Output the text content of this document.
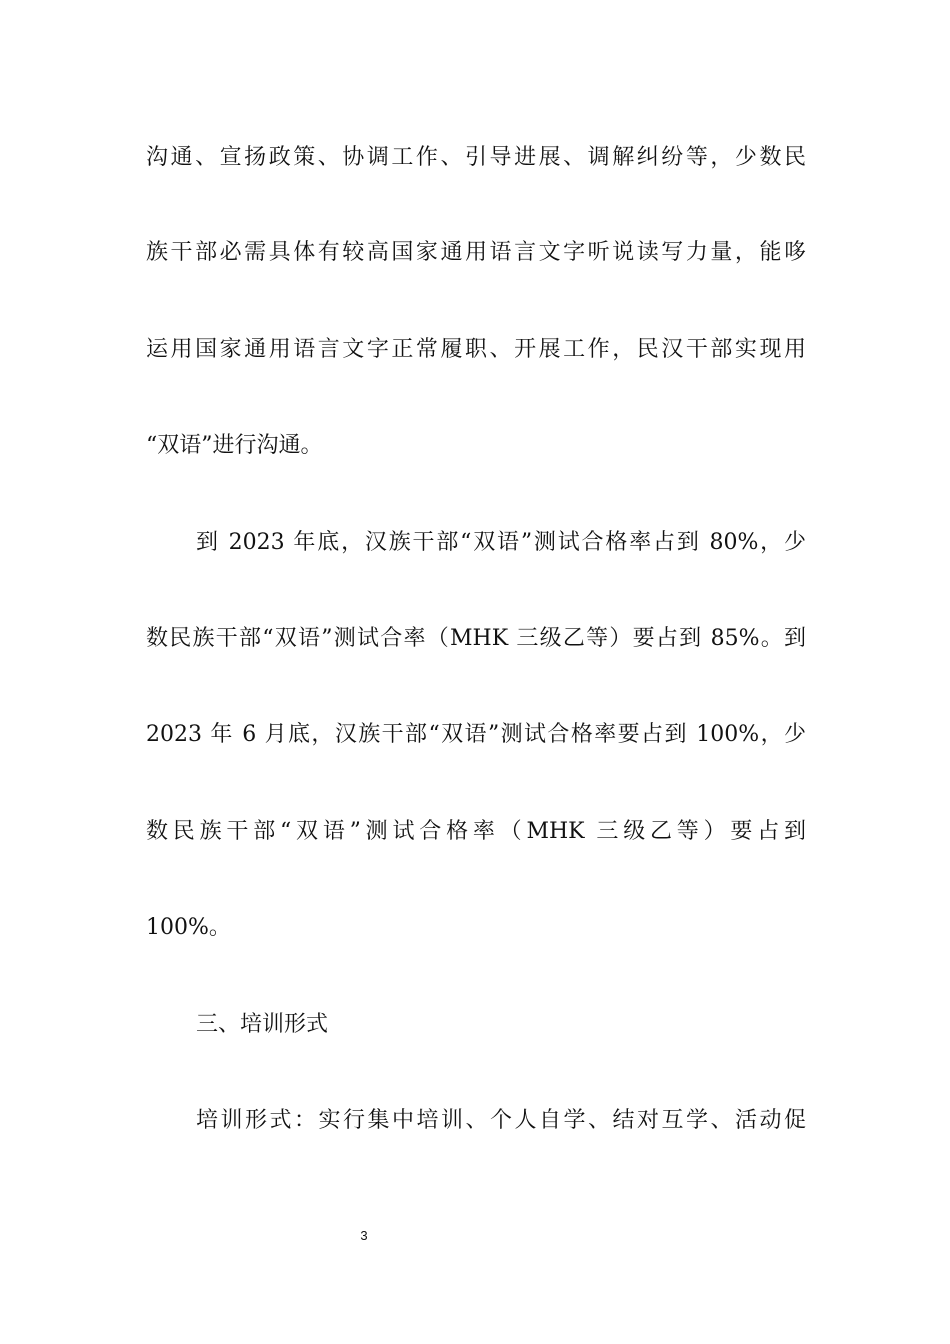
沟通、宣扬政策、协调工作、引导进展、调解纠纷等，少数民
族干部必需具体有较高国家通用语言文字听说读写力量，能哆
运用国家通用语言文字正常履职、开展工作，民汉干部实现用
“双语”进行沟通。
到 2023 年底，汉族干部“双语”测试合格率占到 80%，少
数民族干部“双语”测试合率（MHK 三级乙等）要占到 85%。到
2023 年 6 月底，汉族干部“双语”测试合格率要占到 100%，少
数民族干部“双语”测试合格率（MHK 三级乙等）要占到
100%。
三、培训形式
培训形式：实行集中培训、个人自学、结对互学、活动促
3
